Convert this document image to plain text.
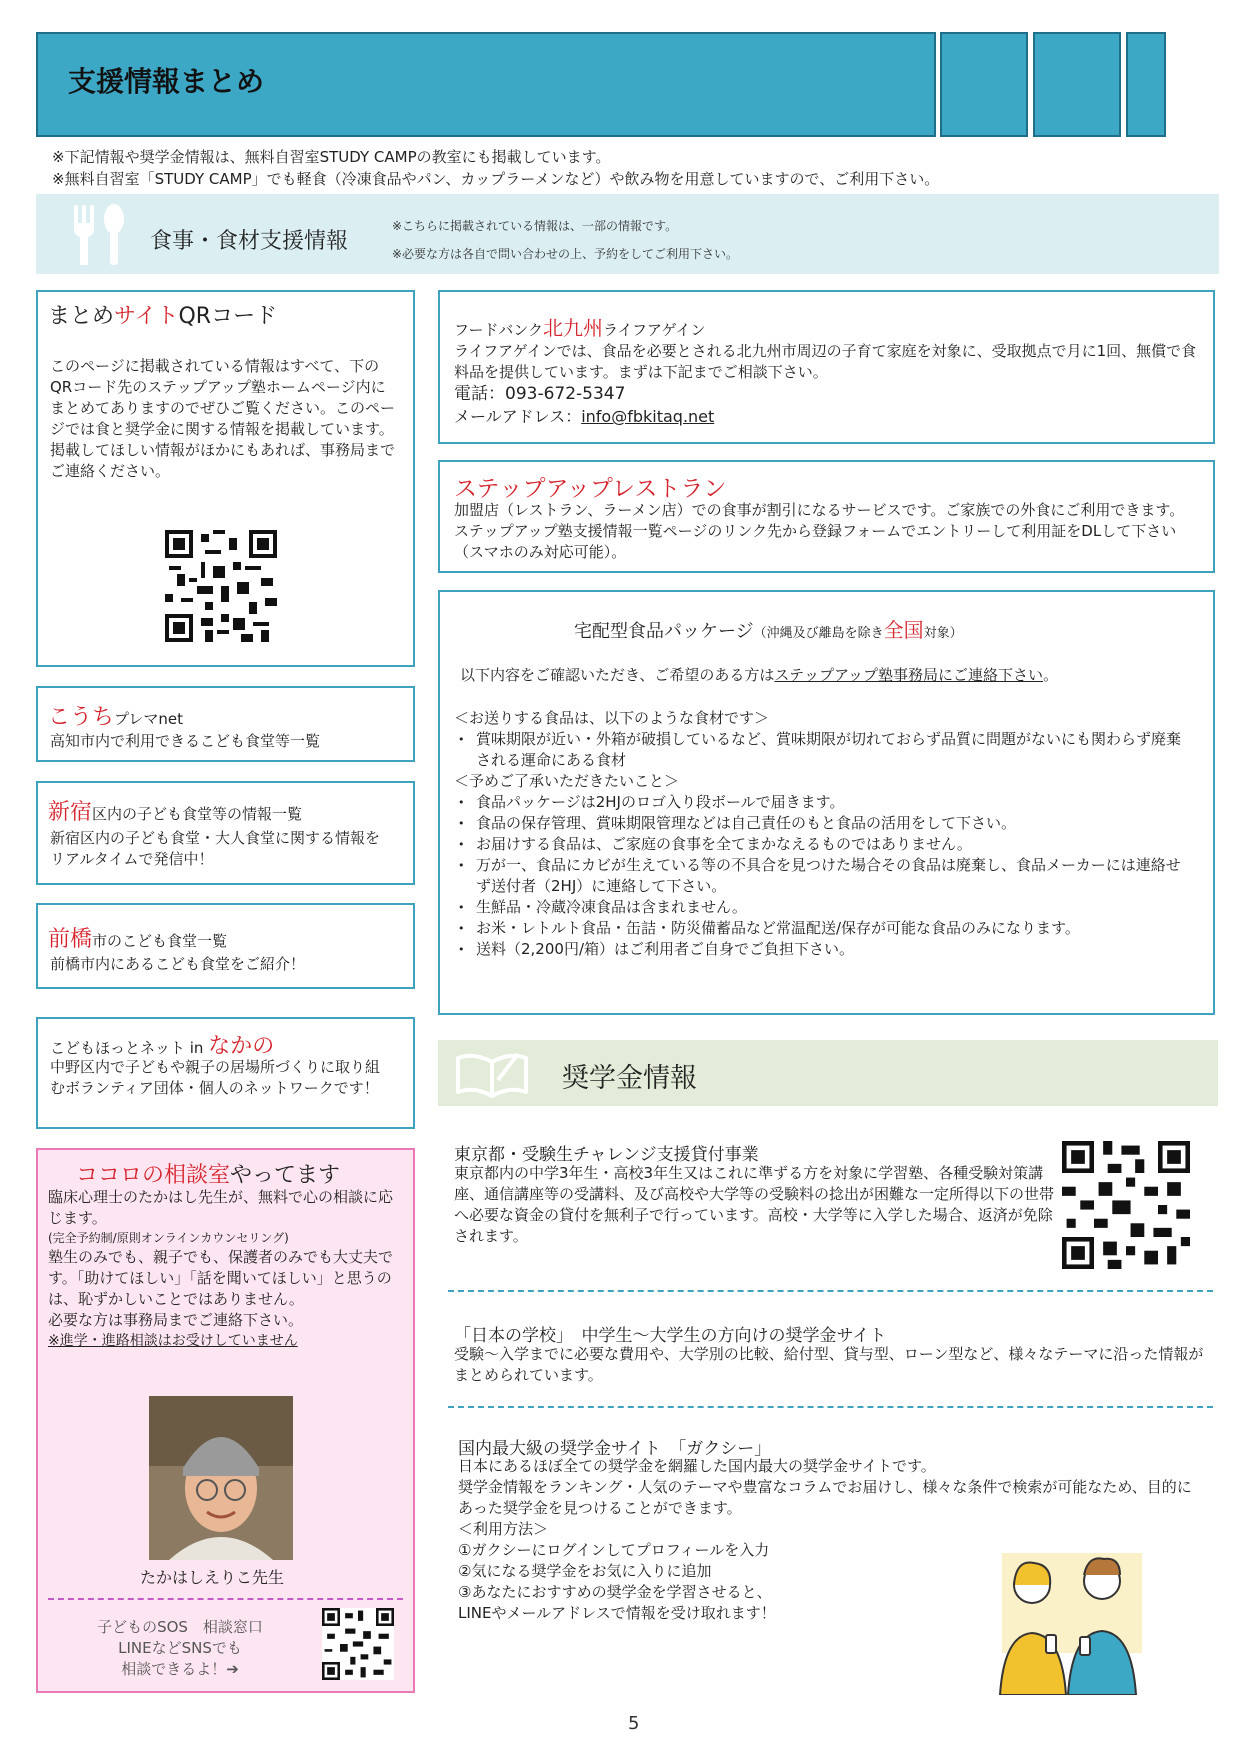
支援情報まとめ
※下記情報や奨学金情報は、無料自習室STUDY CAMPの教室にも掲載しています。
※無料自習室「STUDY CAMP」でも軽食（冷凍食品やパン、カップラーメンなど）や飲み物を用意していますので、ご利用下さい。
食事・食材支援情報
※こちらに掲載されている情報は、一部の情報です。
※必要な方は各自で問い合わせの上、予約をしてご利用下さい。
まとめサイトQRコード
このページに掲載されている情報はすべて、下のQRコード先のステップアップ塾ホームページ内にまとめてありますのでぜひご覧ください。このページでは食と奨学金に関する情報を掲載しています。掲載してほしい情報がほかにもあれば、事務局までご連絡ください。
こうちプレマnet
高知市内で利用できるこども食堂等一覧
新宿区内の子ども食堂等の情報一覧
新宿区内の子ども食堂・大人食堂に関する情報をリアルタイムで発信中！
前橋市のこども食堂一覧
前橋市内にあるこども食堂をご紹介！
こどもほっとネット in なかの
中野区内で子どもや親子の居場所づくりに取り組むボランティア団体・個人のネットワークです！
ココロの相談室やってます
臨床心理士のたかはし先生が、無料で心の相談に応じます。
(完全予約制/原則オンラインカウンセリング)
塾生のみでも、親子でも、保護者のみでも大丈夫です。「助けてほしい」「話を聞いてほしい」と思うのは、恥ずかしいことではありません。
必要な方は事務局までご連絡下さい。
※進学・進路相談はお受けしていません
たかはしえりこ先生
子どものSOS　相談窓口
LINEなどSNSでも
相談できるよ！➔
フードバンク北九州ライフアゲイン
ライフアゲインでは、食品を必要とされる北九州市周辺の子育て家庭を対象に、受取拠点で月に1回、無償で食料品を提供しています。まずは下記までご相談下さい。
電話：093-672-5347
メールアドレス：info@fbkitaq.net
ステップアップレストラン
加盟店（レストラン、ラーメン店）での食事が割引になるサービスです。ご家族での外食にご利用できます。ステップアップ塾支援情報一覧ページのリンク先から登録フォームでエントリーして利用証をDLして下さい（スマホのみ対応可能）。
宅配型食品パッケージ（沖縄及び離島を除き全国対象）
以下内容をご確認いただき、ご希望のある方はステップアップ塾事務局にご連絡下さい。
＜お送りする食品は、以下のような食材です＞
• 賞味期限が近い・外箱が破損しているなど、賞味期限が切れておらず品質に問題がないにも関わらず廃棄される運命にある食材
＜予めご了承いただきたいこと＞
• 食品パッケージは2HJのロゴ入り段ボールで届きます。
• 食品の保存管理、賞味期限管理などは自己責任のもと食品の活用をして下さい。
• お届けする食品は、ご家庭の食事を全てまかなえるものではありません。
• 万が一、食品にカビが生えている等の不具合を見つけた場合その食品は廃棄し、食品メーカーには連絡せず送付者（2HJ）に連絡して下さい。
• 生鮮品・冷蔵冷凍食品は含まれません。
• お米・レトルト食品・缶詰・防災備蓄品など常温配送/保存が可能な食品のみになります。
• 送料（2,200円/箱）はご利用者ご自身でご負担下さい。
奨学金情報
東京都・受験生チャレンジ支援貸付事業
東京都内の中学3年生・高校3年生又はこれに準ずる方を対象に学習塾、各種受験対策講座、通信講座等の受講料、及び高校や大学等の受験料の捻出が困難な一定所得以下の世帯へ必要な資金の貸付を無利子で行っています。高校・大学等に入学した場合、返済が免除されます。
「日本の学校」　中学生～大学生の方向けの奨学金サイト
受験～入学までに必要な費用や、大学別の比較、給付型、貸与型、ローン型など、様々なテーマに沿った情報がまとめられています。
国内最大級の奨学金サイト　「ガクシー」
日本にあるほぼ全ての奨学金を網羅した国内最大の奨学金サイトです。
奨学金情報をランキング・人気のテーマや豊富なコラムでお届けし、様々な条件で検索が可能なため、目的にあった奨学金を見つけることができます。
＜利用方法＞
①ガクシーにログインしてプロフィールを入力
②気になる奨学金をお気に入りに追加
③あなたにおすすめの奨学金を学習させると、
LINEやメールアドレスで情報を受け取れます！
5
